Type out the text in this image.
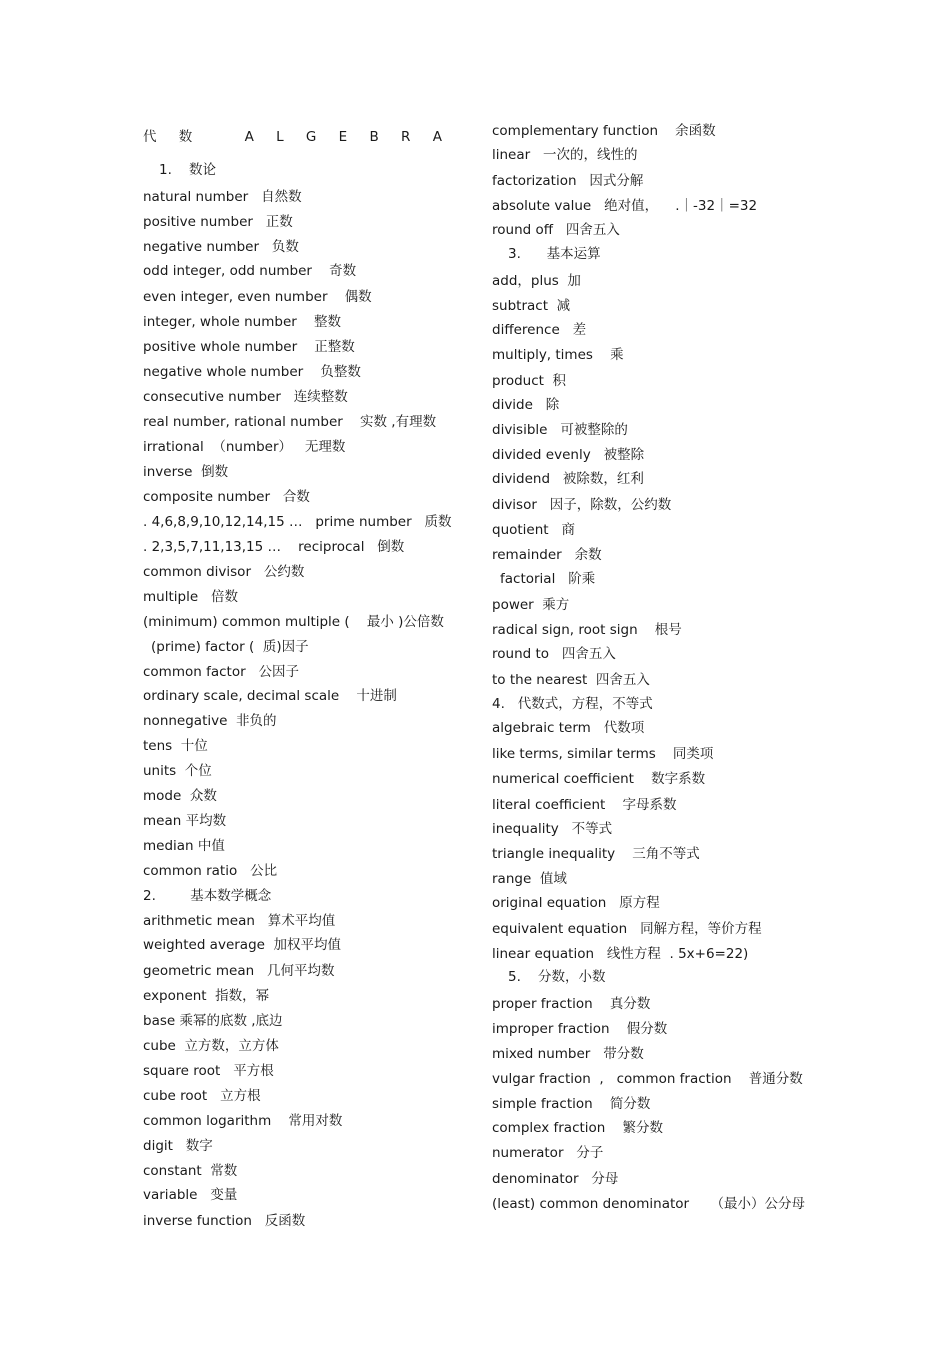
代 数	A L G E B R A
1.    数论
natural number   自然数
positive number   正数
negative number   负数
odd integer, odd number    奇数
even integer, even number    偶数
integer, whole number    整数
positive whole number    正整数
negative whole number    负整数
consecutive number   连续整数
real number, rational number    实数 ,有理数
irrational  （number）   无理数
inverse  倒数
composite number   合数
. 4,6,8,9,10,12,14,15 …   prime number   质数
. 2,3,5,7,11,13,15 …    reciprocal   倒数
common divisor   公约数
multiple   倍数
(minimum) common multiple (    最小 )公倍数
(prime) factor (  质)因子
common factor   公因子
ordinary scale, decimal scale    十进制
nonnegative  非负的
tens  十位
units  个位
mode  众数
mean 平均数
median 中值
common ratio   公比
2.        基本数学概念
arithmetic mean   算术平均值
weighted average  加权平均值
geometric mean   几何平均数
exponent  指数，幂
base 乘幂的底数 ,底边
cube  立方数，立方体
square root   平方根
cube root   立方根
common logarithm    常用对数
digit   数字
constant  常数
variable   变量
inverse function   反函数
complementary function    余函数
linear   一次的，线性的
factorization   因式分解
absolute value   绝对值，    .｜-32｜=32
round off   四舍五入
3.      基本运算
add，plus  加
subtract  减
difference   差
multiply, times    乘
product  积
divide   除
divisible   可被整除的
divided evenly   被整除
dividend   被除数，红利
divisor   因子，除数，公约数
quotient   商
remainder   余数
factorial   阶乘
power  乘方
radical sign, root sign    根号
round to   四舍五入
to the nearest  四舍五入
4.   代数式，方程，不等式
algebraic term   代数项
like terms, similar terms    同类项
numerical coefficient    数字系数
literal coefficient    字母系数
inequality   不等式
triangle inequality    三角不等式
range  值域
original equation   原方程
equivalent equation   同解方程，等价方程
linear equation   线性方程  . 5x+6=22)
5.    分数，小数
proper fraction    真分数
improper fraction    假分数
mixed number   带分数
vulgar fraction  ,   common fraction    普通分数
simple fraction    简分数
complex fraction    繁分数
numerator   分子
denominator   分母
(least) common denominator     （最小）公分母
